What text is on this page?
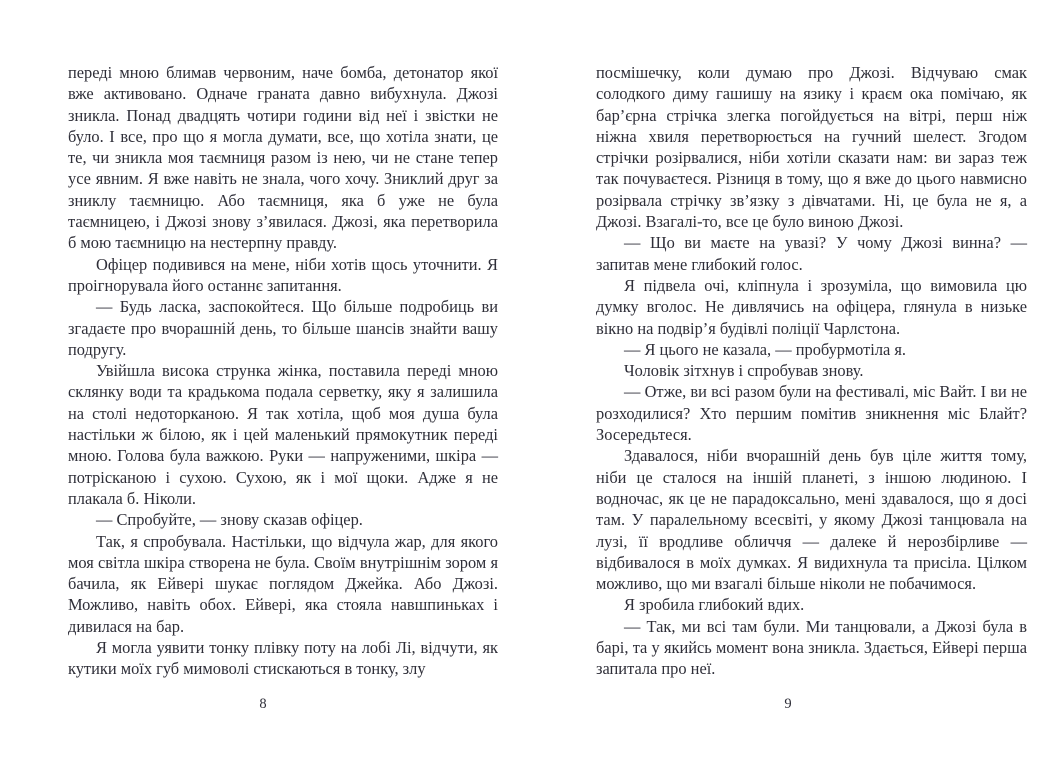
переді мною блимав червоним, наче бомба, детонатор якої вже активовано. Одначе граната давно вибухнула. Джозі зникла. Понад двадцять чотири години від неї і звістки не було. І все, про що я могла думати, все, що хотіла знати, це те, чи зникла моя таємниця разом із нею, чи не стане тепер усе явним. Я вже навіть не знала, чого хочу. Зниклий друг за зниклу таємницю. Або таємниця, яка б уже не була таємницею, і Джозі знову з’явилася. Джозі, яка перетворила б мою таємницю на нестерпну правду.

Офіцер подивився на мене, ніби хотів щось уточнити. Я проігнорувала його останнє запитання.

— Будь ласка, заспокойтеся. Що більше подробиць ви згадаєте про вчорашній день, то більше шансів знайти вашу подругу.

Увійшла висока струнка жінка, поставила переді мною склянку води та крадькома подала серветку, яку я залишила на столі недоторканою. Я так хотіла, щоб моя душа була настільки ж білою, як і цей маленький прямокутник переді мною. Голова була важкою. Руки — напруженими, шкіра — потрісканою і сухою. Сухою, як і мої щоки. Адже я не плакала б. Ніколи.

— Спробуйте, — знову сказав офіцер.

Так, я спробувала. Настільки, що відчула жар, для якого моя світла шкіра створена не була. Своїм внутрішнім зором я бачила, як Ейвері шукає поглядом Джейка. Або Джозі. Можливо, навіть обох. Ейвері, яка стояла навшпиньках і дивилася на бар.

Я могла уявити тонку плівку поту на лобі Лі, відчути, як кутики моїх губ мимоволі стискаються в тонку, злу

посмішечку, коли думаю про Джозі. Відчуваю смак солодкого диму гашишу на язику і краєм ока помічаю, як бар’єрна стрічка злегка погойдується на вітрі, перш ніж ніжна хвиля перетворюється на гучний шелест. Згодом стрічки розірвалися, ніби хотіли сказати нам: ви зараз теж так почуваєтеся. Різниця в тому, що я вже до цього навмисно розірвала стрічку зв’язку з дівчатами. Ні, це була не я, а Джозі. Взагалі-то, все це було виною Джозі.

— Що ви маєте на увазі? У чому Джозі винна? — запитав мене глибокий голос.

Я підвела очі, кліпнула і зрозуміла, що вимовила цю думку вголос. Не дивлячись на офіцера, глянула в низьке вікно на подвір’я будівлі поліції Чарлстона.

— Я цього не казала, — пробурмотіла я.

Чоловік зітхнув і спробував знову.

— Отже, ви всі разом були на фестивалі, міс Вайт. І ви не розходилися? Хто першим помітив зникнення міс Блайт? Зосередьтеся.

Здавалося, ніби вчорашній день був ціле життя тому, ніби це сталося на іншій планеті, з іншою людиною. І водночас, як це не парадоксально, мені здавалося, що я досі там. У паралельному всесвіті, у якому Джозі танцювала на лузі, її вродливе обличчя — далеке й нерозбірливе — відбивалося в моїх думках. Я видихнула та присіла. Цілком можливо, що ми взагалі більше ніколи не побачимося.

Я зробила глибокий вдих.

— Так, ми всі там були. Ми танцювали, а Джозі була в барі, та у якийсь момент вона зникла. Здається, Ейвері перша запитала про неї.

8	9
